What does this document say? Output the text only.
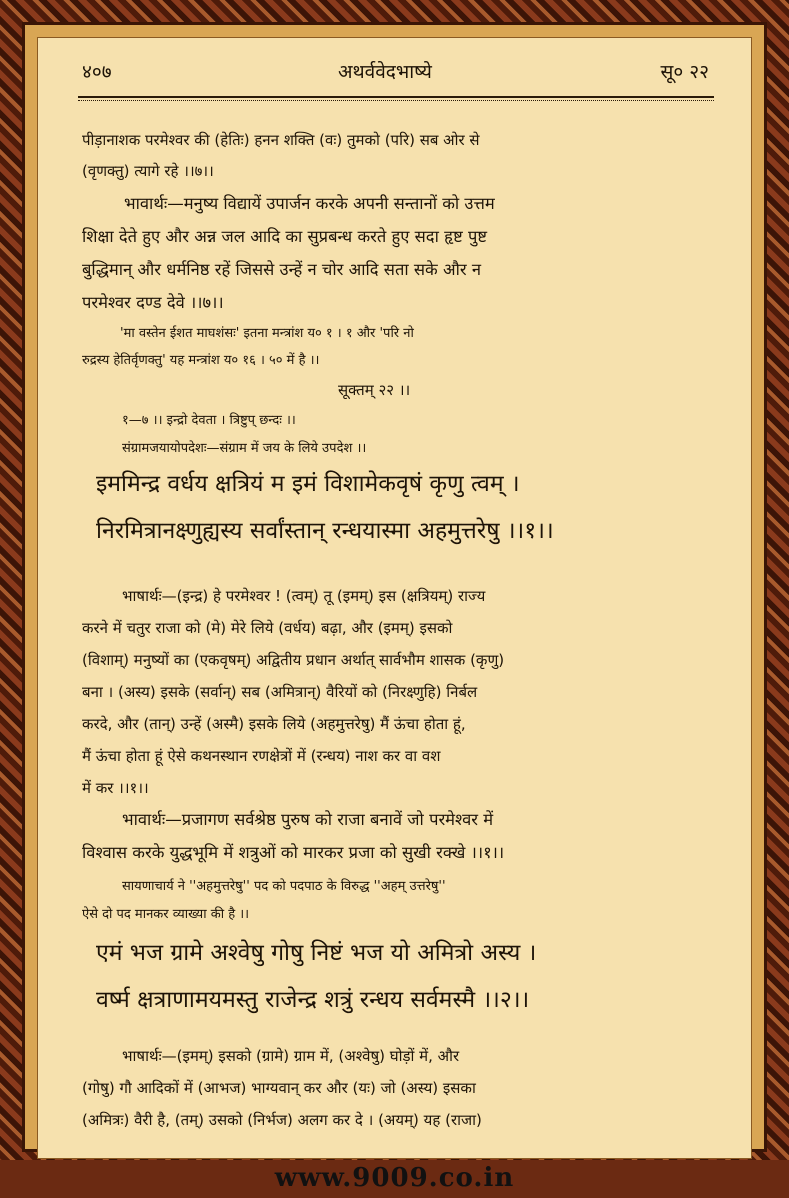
४०७	अथर्ववेदभाष्ये	सू० २२
पीड़ानाशक परमेश्वर की (हेतिः) हनन शक्ति (वः) तुमको (परि) सब ओर से
(वृणक्तु) त्यागे रहे ।।७।।
भावार्थः—मनुष्य विद्यायें उपार्जन करके अपनी सन्तानों को उत्तम
शिक्षा देते हुए और अन्न जल आदि का सुप्रबन्ध करते हुए सदा हृष्ट पुष्ट
बुद्धिमान् और धर्मनिष्ठ रहें जिससे उन्हें न चोर आदि सता सके और न
परमेश्वर दण्ड देवे ।।७।।
'मा वस्तेन ईशत माघशंसः' इतना मन्त्रांश य० १ । १ और 'परि नो
रुद्रस्य हेतिर्वृणक्तु' यह मन्त्रांश य० १६ । ५० में है ।।
सूक्तम् २२ ।।
१—७ ।। इन्द्रो देवता । त्रिष्टुप् छन्दः ।।
संग्रामजयायोपदेशः—संग्राम में जय के लिये उपदेश ।।
इममिन्द्र वर्धय क्षत्रियं म इमं विशामेकवृषं कृणु त्वम् ।
निरमित्रानक्ष्णुह्यस्य सर्वांस्तान् रन्धयास्मा अहमुत्तरेषु ।।१।।
भाषार्थः—(इन्द्र) हे परमेश्वर ! (त्वम्) तू (इमम्) इस (क्षत्रियम्) राज्य
करने में चतुर राजा को (मे) मेरे लिये (वर्धय) बढ़ा, और (इमम्) इसको
(विशाम्) मनुष्यों का (एकवृषम्) अद्वितीय प्रधान अर्थात् सार्वभौम शासक (कृणु)
बना । (अस्य) इसके (सर्वान्) सब (अमित्रान्) वैरियों को (निरक्ष्णुहि) निर्बल
करदे, और (तान्) उन्हें (अस्मै) इसके लिये (अहमुत्तरेषु) मैं ऊंचा होता हूं,
मैं ऊंचा होता हूं ऐसे कथनस्थान रणक्षेत्रों में (रन्धय) नाश कर वा वश
में कर ।।१।।
भावार्थः—प्रजागण सर्वश्रेष्ठ पुरुष को राजा बनावें जो परमेश्वर में
विश्वास करके युद्धभूमि में शत्रुओं को मारकर प्रजा को सुखी रक्खे ।।१।।
सायणाचार्य ने ''अहमुत्तरेषु'' पद को पदपाठ के विरुद्ध ''अहम् उत्तरेषु''
ऐसे दो पद मानकर व्याख्या की है ।।
एमं भज ग्रामे अश्वेषु गोषु निष्टं भज यो अमित्रो अस्य ।
वर्ष्म क्षत्राणामयमस्तु राजेन्द्र शत्रुं रन्धय सर्वमस्मै ।।२।।
भाषार्थः—(इमम्) इसको (ग्रामे) ग्राम में, (अश्वेषु) घोड़ों में, और
(गोषु) गौ आदिकों में (आभज) भाग्यवान् कर और (यः) जो (अस्य) इसका
(अमित्रः) वैरी है, (तम्) उसको (निर्भज) अलग कर दे । (अयम्) यह (राजा)
www.9009.co.in
